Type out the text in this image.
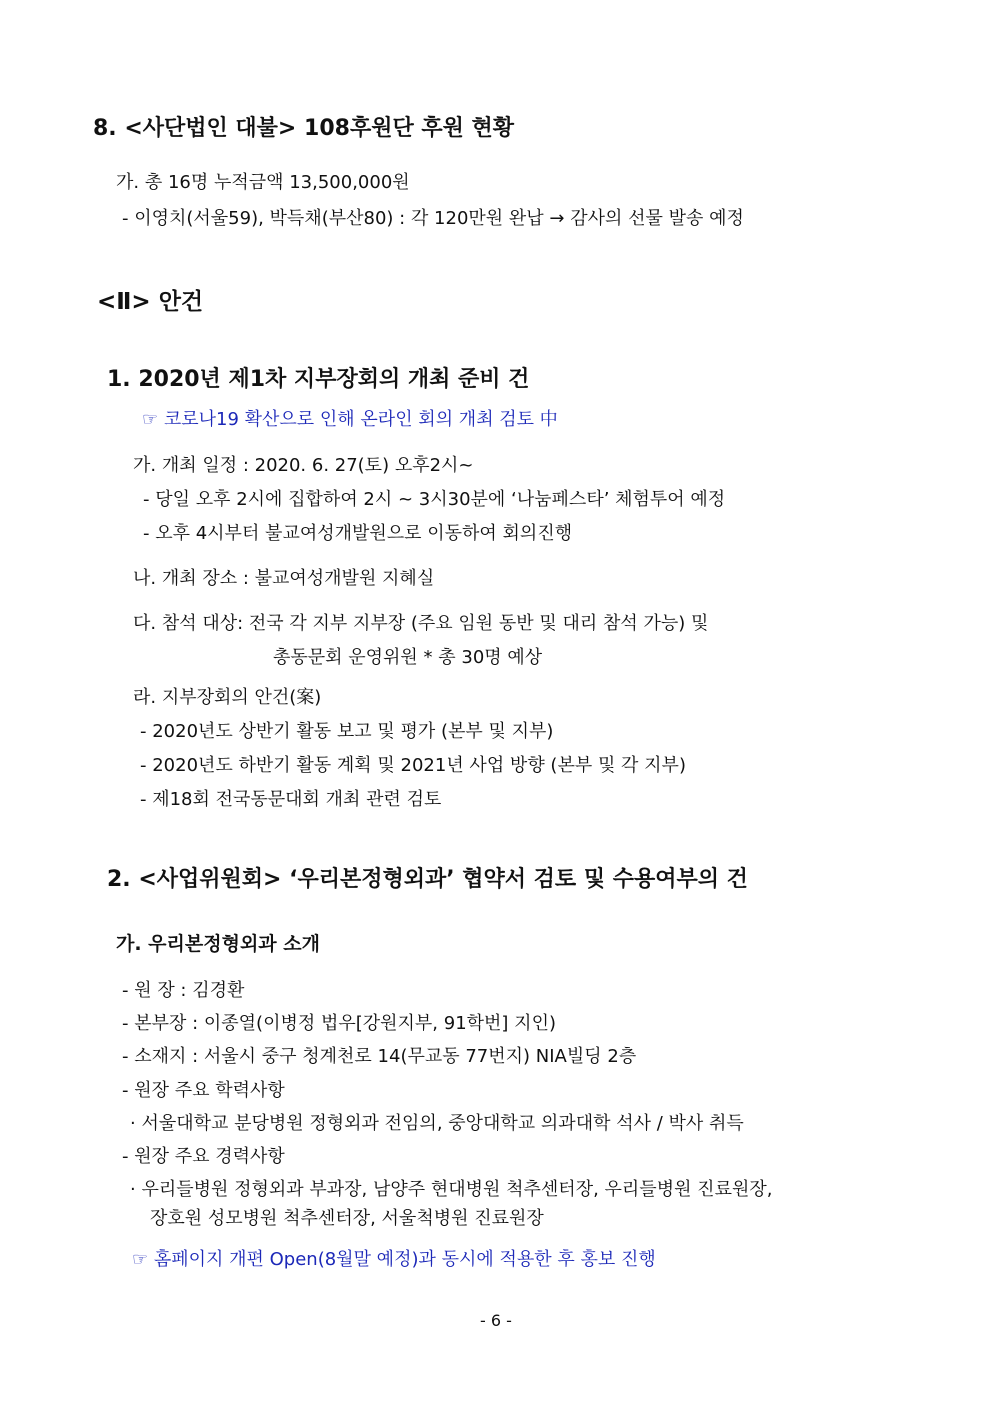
8. <사단법인 대불> 108후원단 후원 현황
가. 총 16명 누적금액 13,500,000원
- 이영치(서울59), 박득채(부산80) : 각 120만원 완납 → 감사의 선물 발송 예정
<Ⅱ> 안건
1. 2020년 제1차 지부장회의 개최 준비 건
☞ 코로나19 확산으로 인해 온라인 회의 개최 검토 中
가. 개최 일정 : 2020. 6. 27(토) 오후2시~
- 당일 오후 2시에 집합하여 2시 ~ 3시30분에 ‘나눔페스타’ 체험투어 예정
- 오후 4시부터 불교여성개발원으로 이동하여 회의진행
나. 개최 장소 : 불교여성개발원 지혜실
다. 참석 대상: 전국 각 지부 지부장 (주요 임원 동반 및 대리 참석 가능) 및
총동문회 운영위원 * 총 30명 예상
라. 지부장회의 안건(案)
- 2020년도 상반기 활동 보고 및 평가 (본부 및 지부)
- 2020년도 하반기 활동 계획 및 2021년 사업 방향 (본부 및 각 지부)
- 제18회 전국동문대회 개최 관련 검토
2. <사업위원회> ‘우리본정형외과’ 협약서 검토 및 수용여부의 건
가. 우리본정형외과 소개
- 원 장 : 김경환
- 본부장 : 이종열(이병정 법우[강원지부, 91학번] 지인)
- 소재지 : 서울시 중구 청계천로 14(무교동 77번지) NIA빌딩 2층
- 원장 주요 학력사항
· 서울대학교 분당병원 정형외과 전임의, 중앙대학교 의과대학 석사 / 박사 취득
- 원장 주요 경력사항
· 우리들병원 정형외과 부과장, 남양주 현대병원 척추센터장, 우리들병원 진료원장,
장호원 성모병원 척추센터장, 서울척병원 진료원장
☞ 홈페이지 개편 Open(8월말 예정)과 동시에 적용한 후 홍보 진행
- 6 -
